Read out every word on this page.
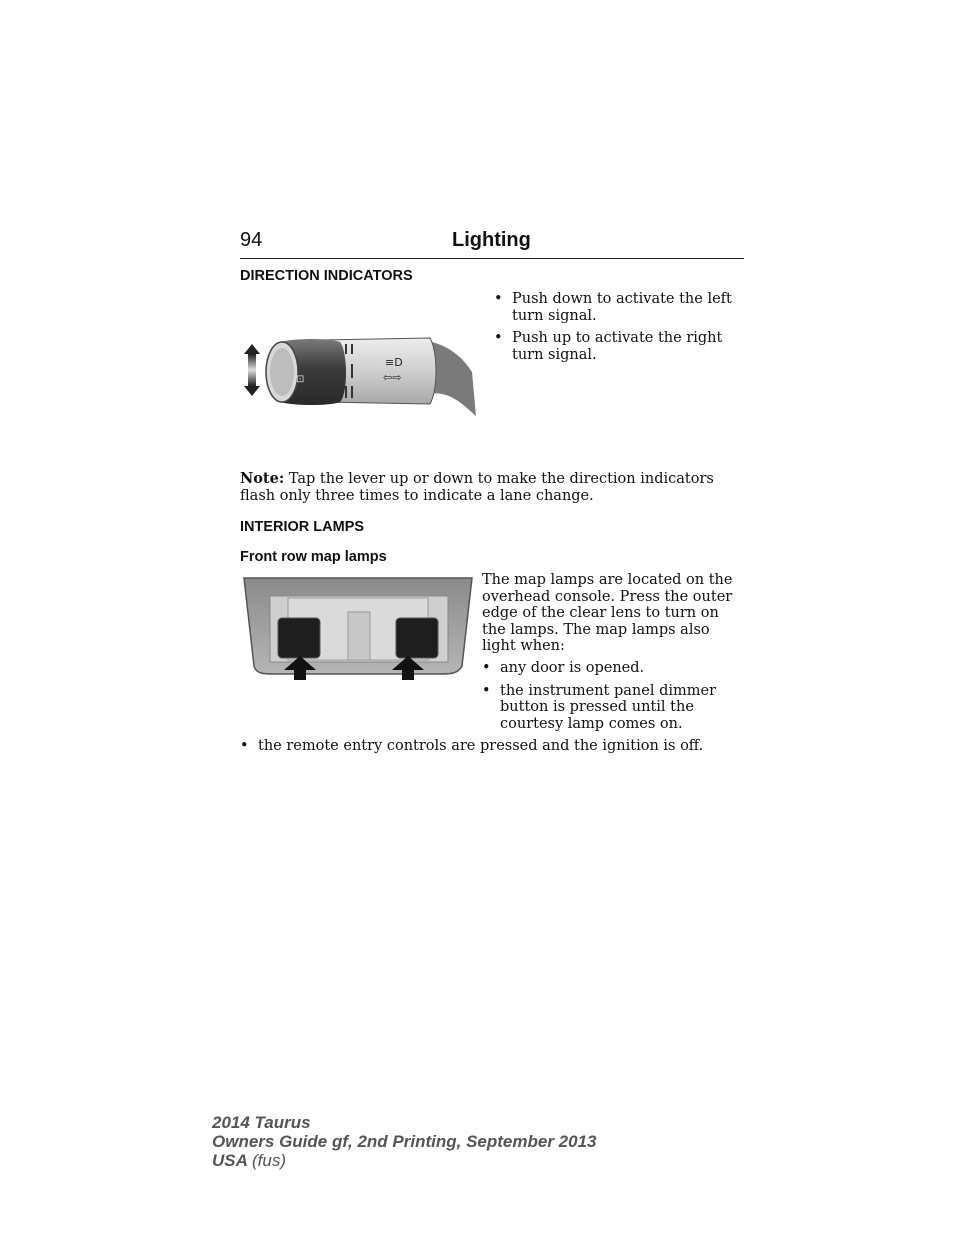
94	Lighting
DIRECTION INDICATORS
≡D
⇦⇨
⊡
• Push down to activate the left turn signal.
• Push up to activate the right turn signal.
Note: Tap the lever up or down to make the direction indicators flash only three times to indicate a lane change.
INTERIOR LAMPS
Front row map lamps
The map lamps are located on the overhead console. Press the outer edge of the clear lens to turn on the lamps. The map lamps also light when:
• any door is opened.
• the instrument panel dimmer button is pressed until the courtesy lamp comes on.
• the remote entry controls are pressed and the ignition is off.
2014 Taurus
Owners Guide gf, 2nd Printing, September 2013
USA (fus)
